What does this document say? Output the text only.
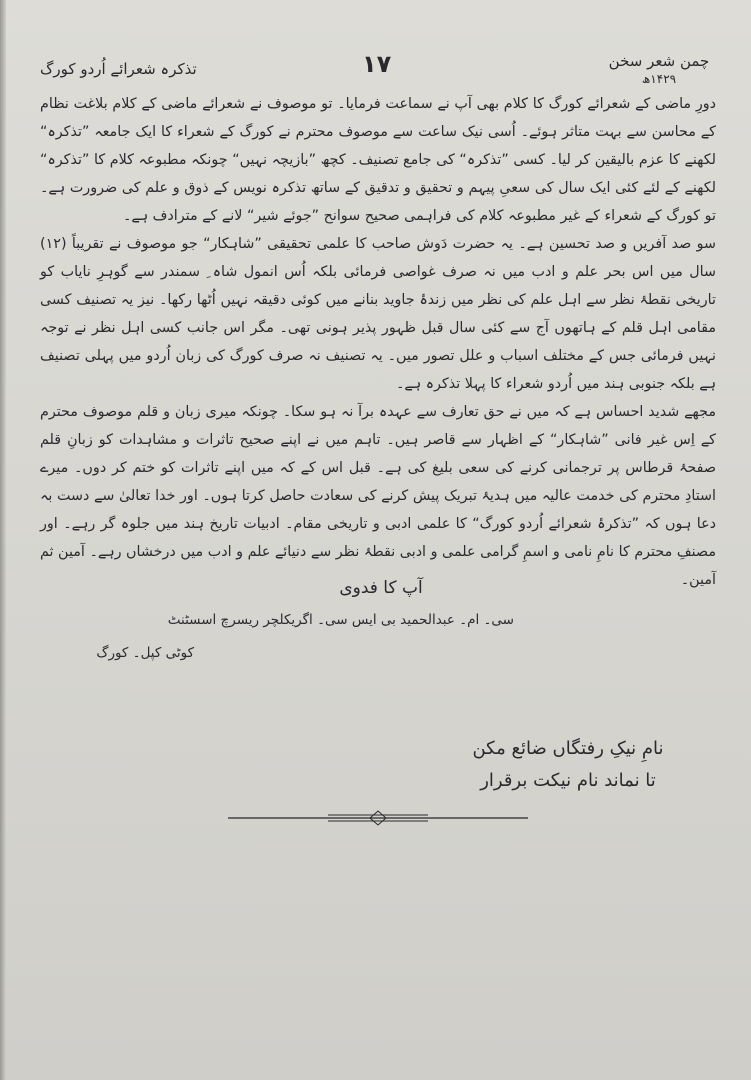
چمن شعر سخن
۱۴۲۹ھ
۱۷
تذکرہ شعرائے اُردو کورگ

دورِ ماضی کے شعرائے کورگ کا کلام بھی آپ نے سماعت فرمایا۔ تو موصوف نے شعرائے ماضی کے کلام بلاغت نظام کے محاسن سے بہت متاثر ہوئے۔ اُسی نیک ساعت سے موصوف محترم نے کورگ کے شعراء کا ایک جامعہ ”تذکرہ“ لکھنے کا عزم بالیقین کر لیا۔ کسی ”تذکرہ“ کی جامع تصنیف۔ کچھ ”بازیچہ نہیں“ چونکہ مطبوعہ کلام کا ”تذکرہ“ لکھنے کے لئے کئی ایک سال کی سعیِ پیہم و تحقیق و تدقیق کے ساتھ تذکرہ نویس کے ذوق و علم کی ضرورت ہے۔ تو کورگ کے شعراء کے غیر مطبوعہ کلام کی فراہمی صحیح سوانح ”جوئے شیر“ لانے کے مترادف ہے۔

سو صد آفریں و صد تحسین ہے۔ یہ حضرت دَوش صاحب کا علمی تحقیقی ”شاہکار“ جو موصوف نے تقریباً (۱۲) سال میں اس بحر علم و ادب میں نہ صرف غواصی فرمائی بلکہ اُس انمول شاہ ِ سمندر سے گوہرِ نایاب کو تاریخی نقطۂ نظر سے اہل علم کی نظر میں زندۂ جاوید بنانے میں کوئی دقیقہ نہیں اُٹھا رکھا۔ نیز یہ تصنیف کسی مقامی اہل قلم کے ہاتھوں آج سے کئی سال قبل ظہور پذیر ہونی تھی۔ مگر اس جانب کسی اہل نظر نے توجہ نہیں فرمائی جس کے مختلف اسباب و علل تصور میں۔ یہ تصنیف نہ صرف کورگ کی زبان اُردو میں پہلی تصنیف ہے بلکہ جنوبی ہند میں اُردو شعراء کا پہلا تذکرہ ہے۔

مجھے شدید احساس ہے کہ میں نے حق تعارف سے عہدہ برآ نہ ہو سکا۔ چونکہ میری زبان و قلم موصوف محترم کے اِس غیر فانی ”شاہکار“ کے اظہار سے قاصر ہیں۔ تاہم میں نے اپنے صحیح تاثرات و مشاہدات کو زبانِ قلم صفحۂ قرطاس پر ترجمانی کرنے کی سعی بلیغ کی ہے۔ قبل اس کے کہ میں اپنے تاثرات کو ختم کر دوں۔ میرے استادِ محترم کی خدمت عالیہ میں ہدیۂ تبریک پیش کرنے کی سعادت حاصل کرتا ہوں۔ اور خدا تعالیٰ سے دست بہ دعا ہوں کہ ”تذکرۂ شعرائے اُردو کورگ“ کا علمی ادبی و تاریخی مقام۔ ادبیات تاریخ ہند میں جلوہ گر رہے۔ اور مصنفِ محترم کا نامِ نامی و اسمِ گرامی علمی و ادبی نقطۂ نظر سے دنیائے علم و ادب میں درخشاں رہے۔ آمین ثم آمین۔

آپ کا فدوی
سی۔ ام۔ عبدالحمید بی ایس سی۔ اگریکلچر ریسرچ اسسٹنٹ
کوٹی کپل۔ کورگ
نامِ نیکِ رفتگاں ضائع مکن
تا نماند نام نیکت برقرار
